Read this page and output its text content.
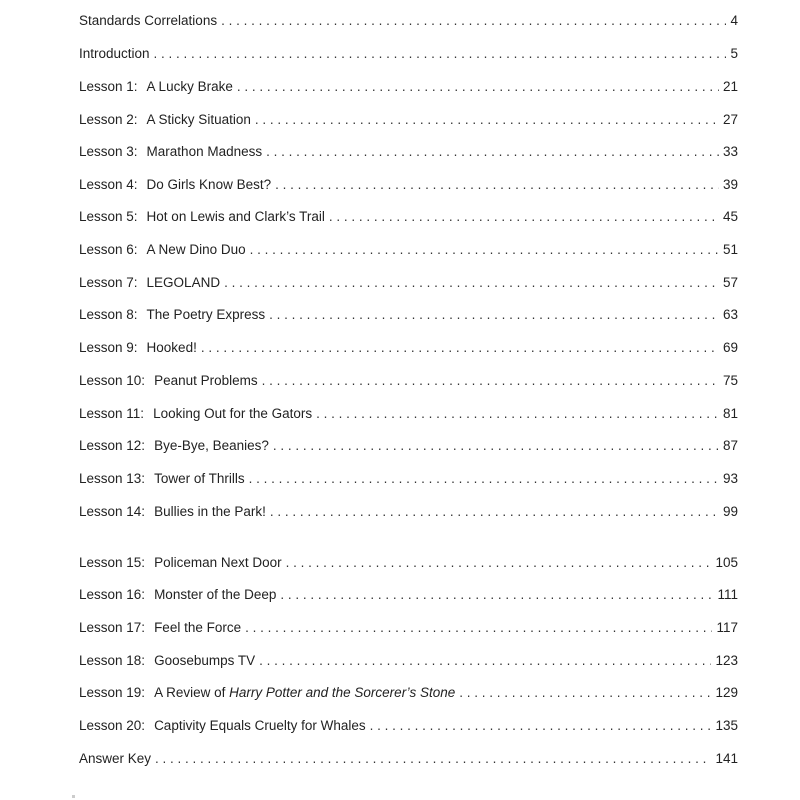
Standards Correlations . . .	4
Introduction . . .	5
Lesson 1: A Lucky Brake . . .	21
Lesson 2: A Sticky Situation . . .	27
Lesson 3: Marathon Madness . . .	33
Lesson 4: Do Girls Know Best? . . .	39
Lesson 5: Hot on Lewis and Clark’s Trail . . .	45
Lesson 6: A New Dino Duo . . .	51
Lesson 7: LEGOLAND . . .	57
Lesson 8: The Poetry Express . . .	63
Lesson 9: Hooked! . . .	69
Lesson 10: Peanut Problems . . .	75
Lesson 11: Looking Out for the Gators . . .	81
Lesson 12: Bye-Bye, Beanies? . . .	87
Lesson 13: Tower of Thrills . . .	93
Lesson 14: Bullies in the Park! . . .	99
Lesson 15: Policeman Next Door . . .	105
Lesson 16: Monster of the Deep . . .	111
Lesson 17: Feel the Force . . .	117
Lesson 18: Goosebumps TV . . .	123
Lesson 19: A Review of Harry Potter and the Sorcerer’s Stone . . .	129
Lesson 20: Captivity Equals Cruelty for Whales . . .	135
Answer Key . . .	141
